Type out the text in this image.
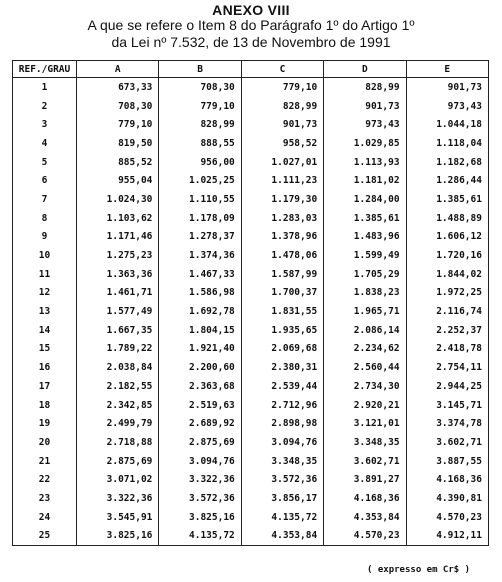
ANEXO VIII
A que se refere o Item 8 do Parágrafo 1º do Artigo 1º
da Lei nº 7.532, de 13 de Novembro de 1991
REF./GRAU	A	B	C	D	E
1	673,33	708,30	779,10	828,99	901,73
2	708,30	779,10	828,99	901,73	973,43
3	779,10	828,99	901,73	973,43	1.044,18
4	819,50	888,55	958,52	1.029,85	1.118,04
5	885,52	956,00	1.027,01	1.113,93	1.182,68
6	955,04	1.025,25	1.111,23	1.181,02	1.286,44
7	1.024,30	1.110,55	1.179,30	1.284,00	1.385,61
8	1.103,62	1.178,09	1.283,03	1.385,61	1.488,89
9	1.171,46	1.278,37	1.378,96	1.483,96	1.606,12
10	1.275,23	1.374,36	1.478,06	1.599,49	1.720,16
11	1.363,36	1.467,33	1.587,99	1.705,29	1.844,02
12	1.461,71	1.586,98	1.700,37	1.838,23	1.972,25
13	1.577,49	1.692,78	1.831,55	1.965,71	2.116,74
14	1.667,35	1.804,15	1.935,65	2.086,14	2.252,37
15	1.789,22	1.921,40	2.069,68	2.234,62	2.418,78
16	2.038,84	2.200,60	2.380,31	2.560,44	2.754,11
17	2.182,55	2.363,68	2.539,44	2.734,30	2.944,25
18	2.342,85	2.519,63	2.712,96	2.920,21	3.145,71
19	2.499,79	2.689,92	2.898,98	3.121,01	3.374,78
20	2.718,88	2.875,69	3.094,76	3.348,35	3.602,71
21	2.875,69	3.094,76	3.348,35	3.602,71	3.887,55
22	3.071,02	3.322,36	3.572,36	3.891,27	4.168,36
23	3.322,36	3.572,36	3.856,17	4.168,36	4.390,81
24	3.545,91	3.825,16	4.135,72	4.353,84	4.570,23
25	3.825,16	4.135,72	4.353,84	4.570,23	4.912,11
( expresso em Cr$ )
